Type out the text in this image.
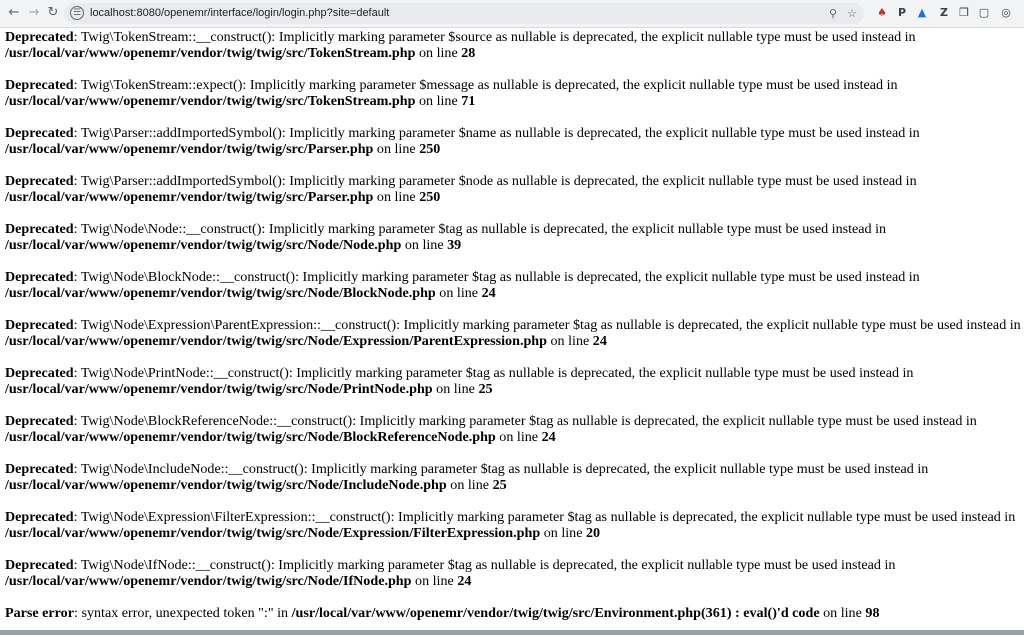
← → ↻	☰ localhost:8080/openemr/interface/login/login.php?site=default	⚲ ☆ ♠	P	▲	Z	❐ ▢ ◎
Deprecated: Twig\TokenStream::__construct(): Implicitly marking parameter $source as nullable is deprecated, the explicit nullable type must be used instead in
/usr/local/var/www/openemr/vendor/twig/twig/src/TokenStream.php on line 28
Deprecated: Twig\TokenStream::expect(): Implicitly marking parameter $message as nullable is deprecated, the explicit nullable type must be used instead in
/usr/local/var/www/openemr/vendor/twig/twig/src/TokenStream.php on line 71
Deprecated: Twig\Parser::addImportedSymbol(): Implicitly marking parameter $name as nullable is deprecated, the explicit nullable type must be used instead in
/usr/local/var/www/openemr/vendor/twig/twig/src/Parser.php on line 250
Deprecated: Twig\Parser::addImportedSymbol(): Implicitly marking parameter $node as nullable is deprecated, the explicit nullable type must be used instead in
/usr/local/var/www/openemr/vendor/twig/twig/src/Parser.php on line 250
Deprecated: Twig\Node\Node::__construct(): Implicitly marking parameter $tag as nullable is deprecated, the explicit nullable type must be used instead in
/usr/local/var/www/openemr/vendor/twig/twig/src/Node/Node.php on line 39
Deprecated: Twig\Node\BlockNode::__construct(): Implicitly marking parameter $tag as nullable is deprecated, the explicit nullable type must be used instead in
/usr/local/var/www/openemr/vendor/twig/twig/src/Node/BlockNode.php on line 24
Deprecated: Twig\Node\Expression\ParentExpression::__construct(): Implicitly marking parameter $tag as nullable is deprecated, the explicit nullable type must be used instead in
/usr/local/var/www/openemr/vendor/twig/twig/src/Node/Expression/ParentExpression.php on line 24
Deprecated: Twig\Node\PrintNode::__construct(): Implicitly marking parameter $tag as nullable is deprecated, the explicit nullable type must be used instead in
/usr/local/var/www/openemr/vendor/twig/twig/src/Node/PrintNode.php on line 25
Deprecated: Twig\Node\BlockReferenceNode::__construct(): Implicitly marking parameter $tag as nullable is deprecated, the explicit nullable type must be used instead in
/usr/local/var/www/openemr/vendor/twig/twig/src/Node/BlockReferenceNode.php on line 24
Deprecated: Twig\Node\IncludeNode::__construct(): Implicitly marking parameter $tag as nullable is deprecated, the explicit nullable type must be used instead in
/usr/local/var/www/openemr/vendor/twig/twig/src/Node/IncludeNode.php on line 25
Deprecated: Twig\Node\Expression\FilterExpression::__construct(): Implicitly marking parameter $tag as nullable is deprecated, the explicit nullable type must be used instead in
/usr/local/var/www/openemr/vendor/twig/twig/src/Node/Expression/FilterExpression.php on line 20
Deprecated: Twig\Node\IfNode::__construct(): Implicitly marking parameter $tag as nullable is deprecated, the explicit nullable type must be used instead in
/usr/local/var/www/openemr/vendor/twig/twig/src/Node/IfNode.php on line 24
Parse error: syntax error, unexpected token ":" in /usr/local/var/www/openemr/vendor/twig/twig/src/Environment.php(361) : eval()'d code on line 98
